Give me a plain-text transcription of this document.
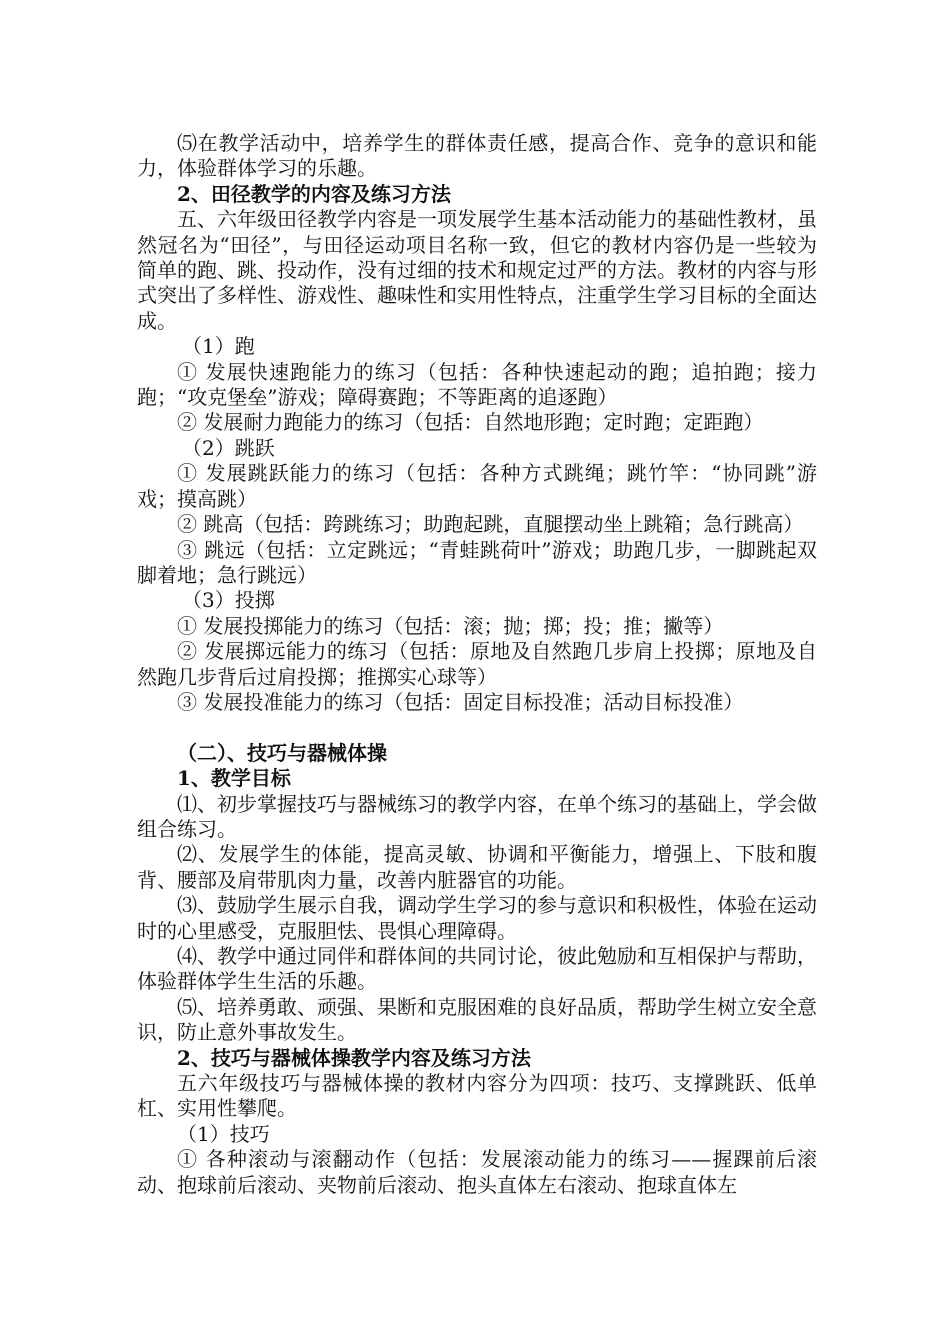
⑸在教学活动中，培养学生的群体责任感，提高合作、竞争的意识和能力，体验群体学习的乐趣。

2、田径教学的内容及练习方法

五、六年级田径教学内容是一项发展学生基本活动能力的基础性教材，虽然冠名为“田径”，与田径运动项目名称一致，但它的教材内容仍是一些较为简单的跑、跳、投动作，没有过细的技术和规定过严的方法。教材的内容与形式突出了多样性、游戏性、趣味性和实用性特点，注重学生学习目标的全面达成。

（1）跑

① 发展快速跑能力的练习（包括：各种快速起动的跑；追拍跑；接力跑；“攻克堡垒”游戏；障碍赛跑；不等距离的追逐跑）

② 发展耐力跑能力的练习（包括：自然地形跑；定时跑；定距跑）

（2）跳跃

① 发展跳跃能力的练习（包括：各种方式跳绳；跳竹竿：“协同跳”游戏；摸高跳）

② 跳高（包括：跨跳练习；助跑起跳，直腿摆动坐上跳箱；急行跳高）

③ 跳远（包括：立定跳远；“青蛙跳荷叶”游戏；助跑几步，一脚跳起双脚着地；急行跳远）

（3）投掷

① 发展投掷能力的练习（包括：滚；抛；掷；投；推；撇等）

② 发展掷远能力的练习（包括：原地及自然跑几步肩上投掷；原地及自然跑几步背后过肩投掷；推掷实心球等）

③ 发展投准能力的练习（包括：固定目标投准；活动目标投准）

（二）、技巧与器械体操

1、教学目标

⑴、初步掌握技巧与器械练习的教学内容，在单个练习的基础上，学会做组合练习。

⑵、发展学生的体能，提高灵敏、协调和平衡能力，增强上、下肢和腹背、腰部及肩带肌肉力量，改善内脏器官的功能。

⑶、鼓励学生展示自我，调动学生学习的参与意识和积极性，体验在运动时的心里感受，克服胆怯、畏惧心理障碍。

⑷、教学中通过同伴和群体间的共同讨论，彼此勉励和互相保护与帮助，体验群体学生生活的乐趣。

⑸、培养勇敢、顽强、果断和克服困难的良好品质，帮助学生树立安全意识，防止意外事故发生。

2、技巧与器械体操教学内容及练习方法

五六年级技巧与器械体操的教材内容分为四项：技巧、支撑跳跃、低单杠、实用性攀爬。

（1）技巧

① 各种滚动与滚翻动作（包括：发展滚动能力的练习——握踝前后滚动、抱球前后滚动、夹物前后滚动、抱头直体左右滚动、抱球直体左
